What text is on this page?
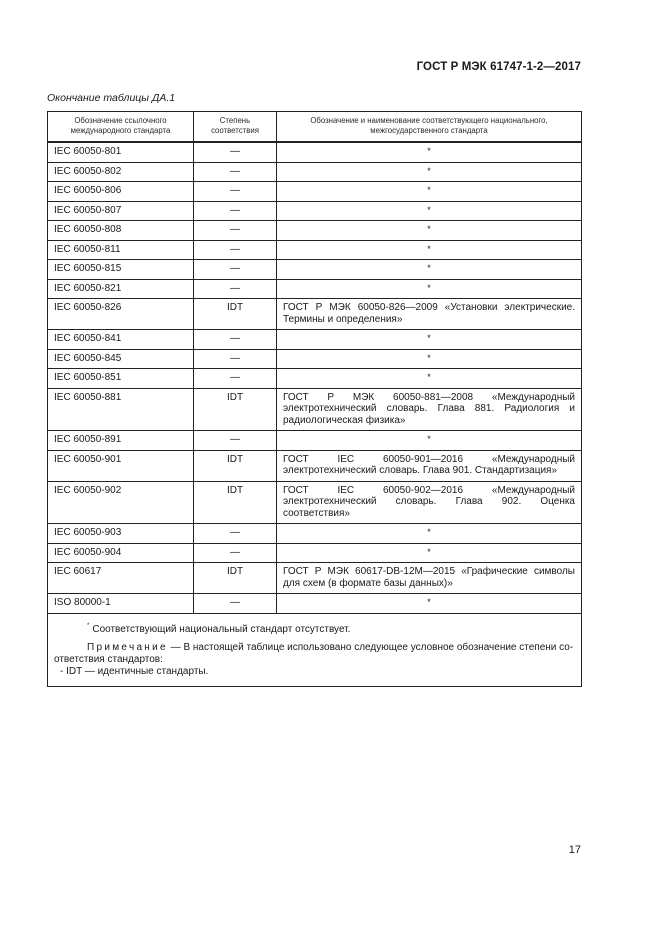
ГОСТ Р МЭК 61747-1-2—2017
Окончание таблицы ДА.1
Обозначение ссылочного международного стандарта	Степень соответствия	Обозначение и наименование соответствующего национального, межгосударственного стандарта
IEC 60050-801	—	*
IEC 60050-802	—	*
IEC 60050-806	—	*
IEC 60050-807	—	*
IEC 60050-808	—	*
IEC 60050-811	—	*
IEC 60050-815	—	*
IEC 60050-821	—	*
IEC 60050-826	IDT	ГОСТ Р МЭК 60050-826—2009 «Установки электрические. Термины и определения»
IEC 60050-841	—	*
IEC 60050-845	—	*
IEC 60050-851	—	*
IEC 60050-881	IDT	ГОСТ Р МЭК 60050-881—2008 «Международный электротехнический словарь. Глава 881. Радиология и радиологическая физика»
IEC 60050-891	—	*
IEC 60050-901	IDT	ГОСТ IEC 60050-901—2016 «Международный электротехнический словарь. Глава 901. Стандартизация»
IEC 60050-902	IDT	ГОСТ IEC 60050-902—2016 «Международный электротехнический словарь. Глава 902. Оценка соответствия»
IEC 60050-903	—	*
IEC 60050-904	—	*
IEC 60617	IDT	ГОСТ Р МЭК 60617-DB-12M—2015 «Графические символы для схем (в формате базы данных)»
ISO 80000-1	—	*

* Соответствующий национальный стандарт отсутствует.
Примечание — В настоящей таблице использовано следующее условное обозначение степени со-
ответствия стандартов:
- IDT — идентичные стандарты.		
17
